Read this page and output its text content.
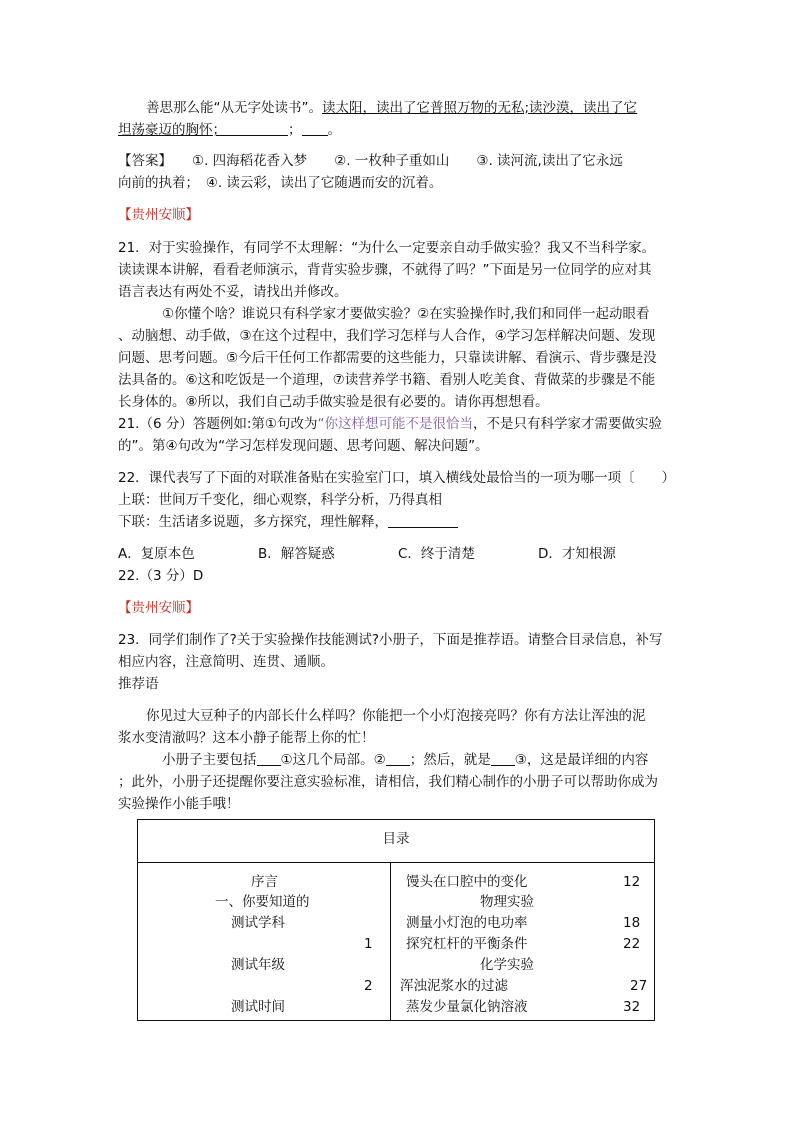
善思那么能“从无字处读书”。读太阳，读出了它普照万物的无私;读沙漠，读出了它
坦荡豪迈的胸怀；	； 。
【答案】 ①. 四海稻花香入梦　　②. 一枚种子重如山　　③. 读河流,读出了它永远
向前的执着；　④. 读云彩，读出了它随遇而安的沉着。
【贵州安顺】
21．对于实验操作，有同学不太理解：“为什么一定要亲自动手做实验？我又不当科学家。
读读课本讲解，看看老师演示，背背实验步骤，不就得了吗？”下面是另一位同学的应对其
语言表达有两处不妥，请找出并修改。
①你懂个啥？谁说只有科学家才要做实验？②在实验操作时,我们和同伴一起动眼看
、动脑想、动手做，③在这个过程中，我们学习怎样与人合作，④学习怎样解决问题、发现
问题、思考问题。⑤今后干任何工作都需要的这些能力，只靠读讲解、看演示、背步骤是没
法具备的。⑥这和吃饭是一个道理，⑦读营养学书籍、看别人吃美食、背做菜的步骤是不能
长身体的。⑧所以，我们自己动手做实验是很有必要的。请你再想想看。
21.（6 分）答题例如:第①句改为“你这样想可能不是很恰当，不是只有科学家才需要做实验
的”。第④句改为“学习怎样发现问题、思考问题、解决问题”。
22．课代表写了下面的对联准备贴在实验室门口，填入横线处最恰当的一项为哪一项〔　　）
上联：世间万千变化，细心观察，科学分析，乃得真相
下联：生活诸多说题，多方探究，理性解释，
A．复原本色	B．解答疑惑	C．终于清楚	D．才知根源
22.（3 分）D
【贵州安顺】
23．同学们制作了?关于实验操作技能测试?小册子，下面是推荐语。请整合目录信息，补写
相应内容，注意简明、连贯、通顺。
推荐语
你见过大豆种子的内部长什么样吗？你能把一个小灯泡接亮吗？你有方法让浑浊的泥
浆水变清澈吗？这本小静子能帮上你的忙！
小册子主要包括 ①这几个局部。② ；然后，就是 ③，这是最详细的内容
；此外，小册子还提醒你要注意实验标准，请相信，我们精心制作的小册子可以帮助你成为
实验操作小能手哦！
目录
序言
一、你要知道的
测试学科
1
测试年级
2
测试时间
馒头在口腔中的变化	12
物理实验
测量小灯泡的电功率	18
探究杠杆的平衡条件	22
化学实验
浑浊泥浆水的过滤	27
蒸发少量氯化钠溶液	32
